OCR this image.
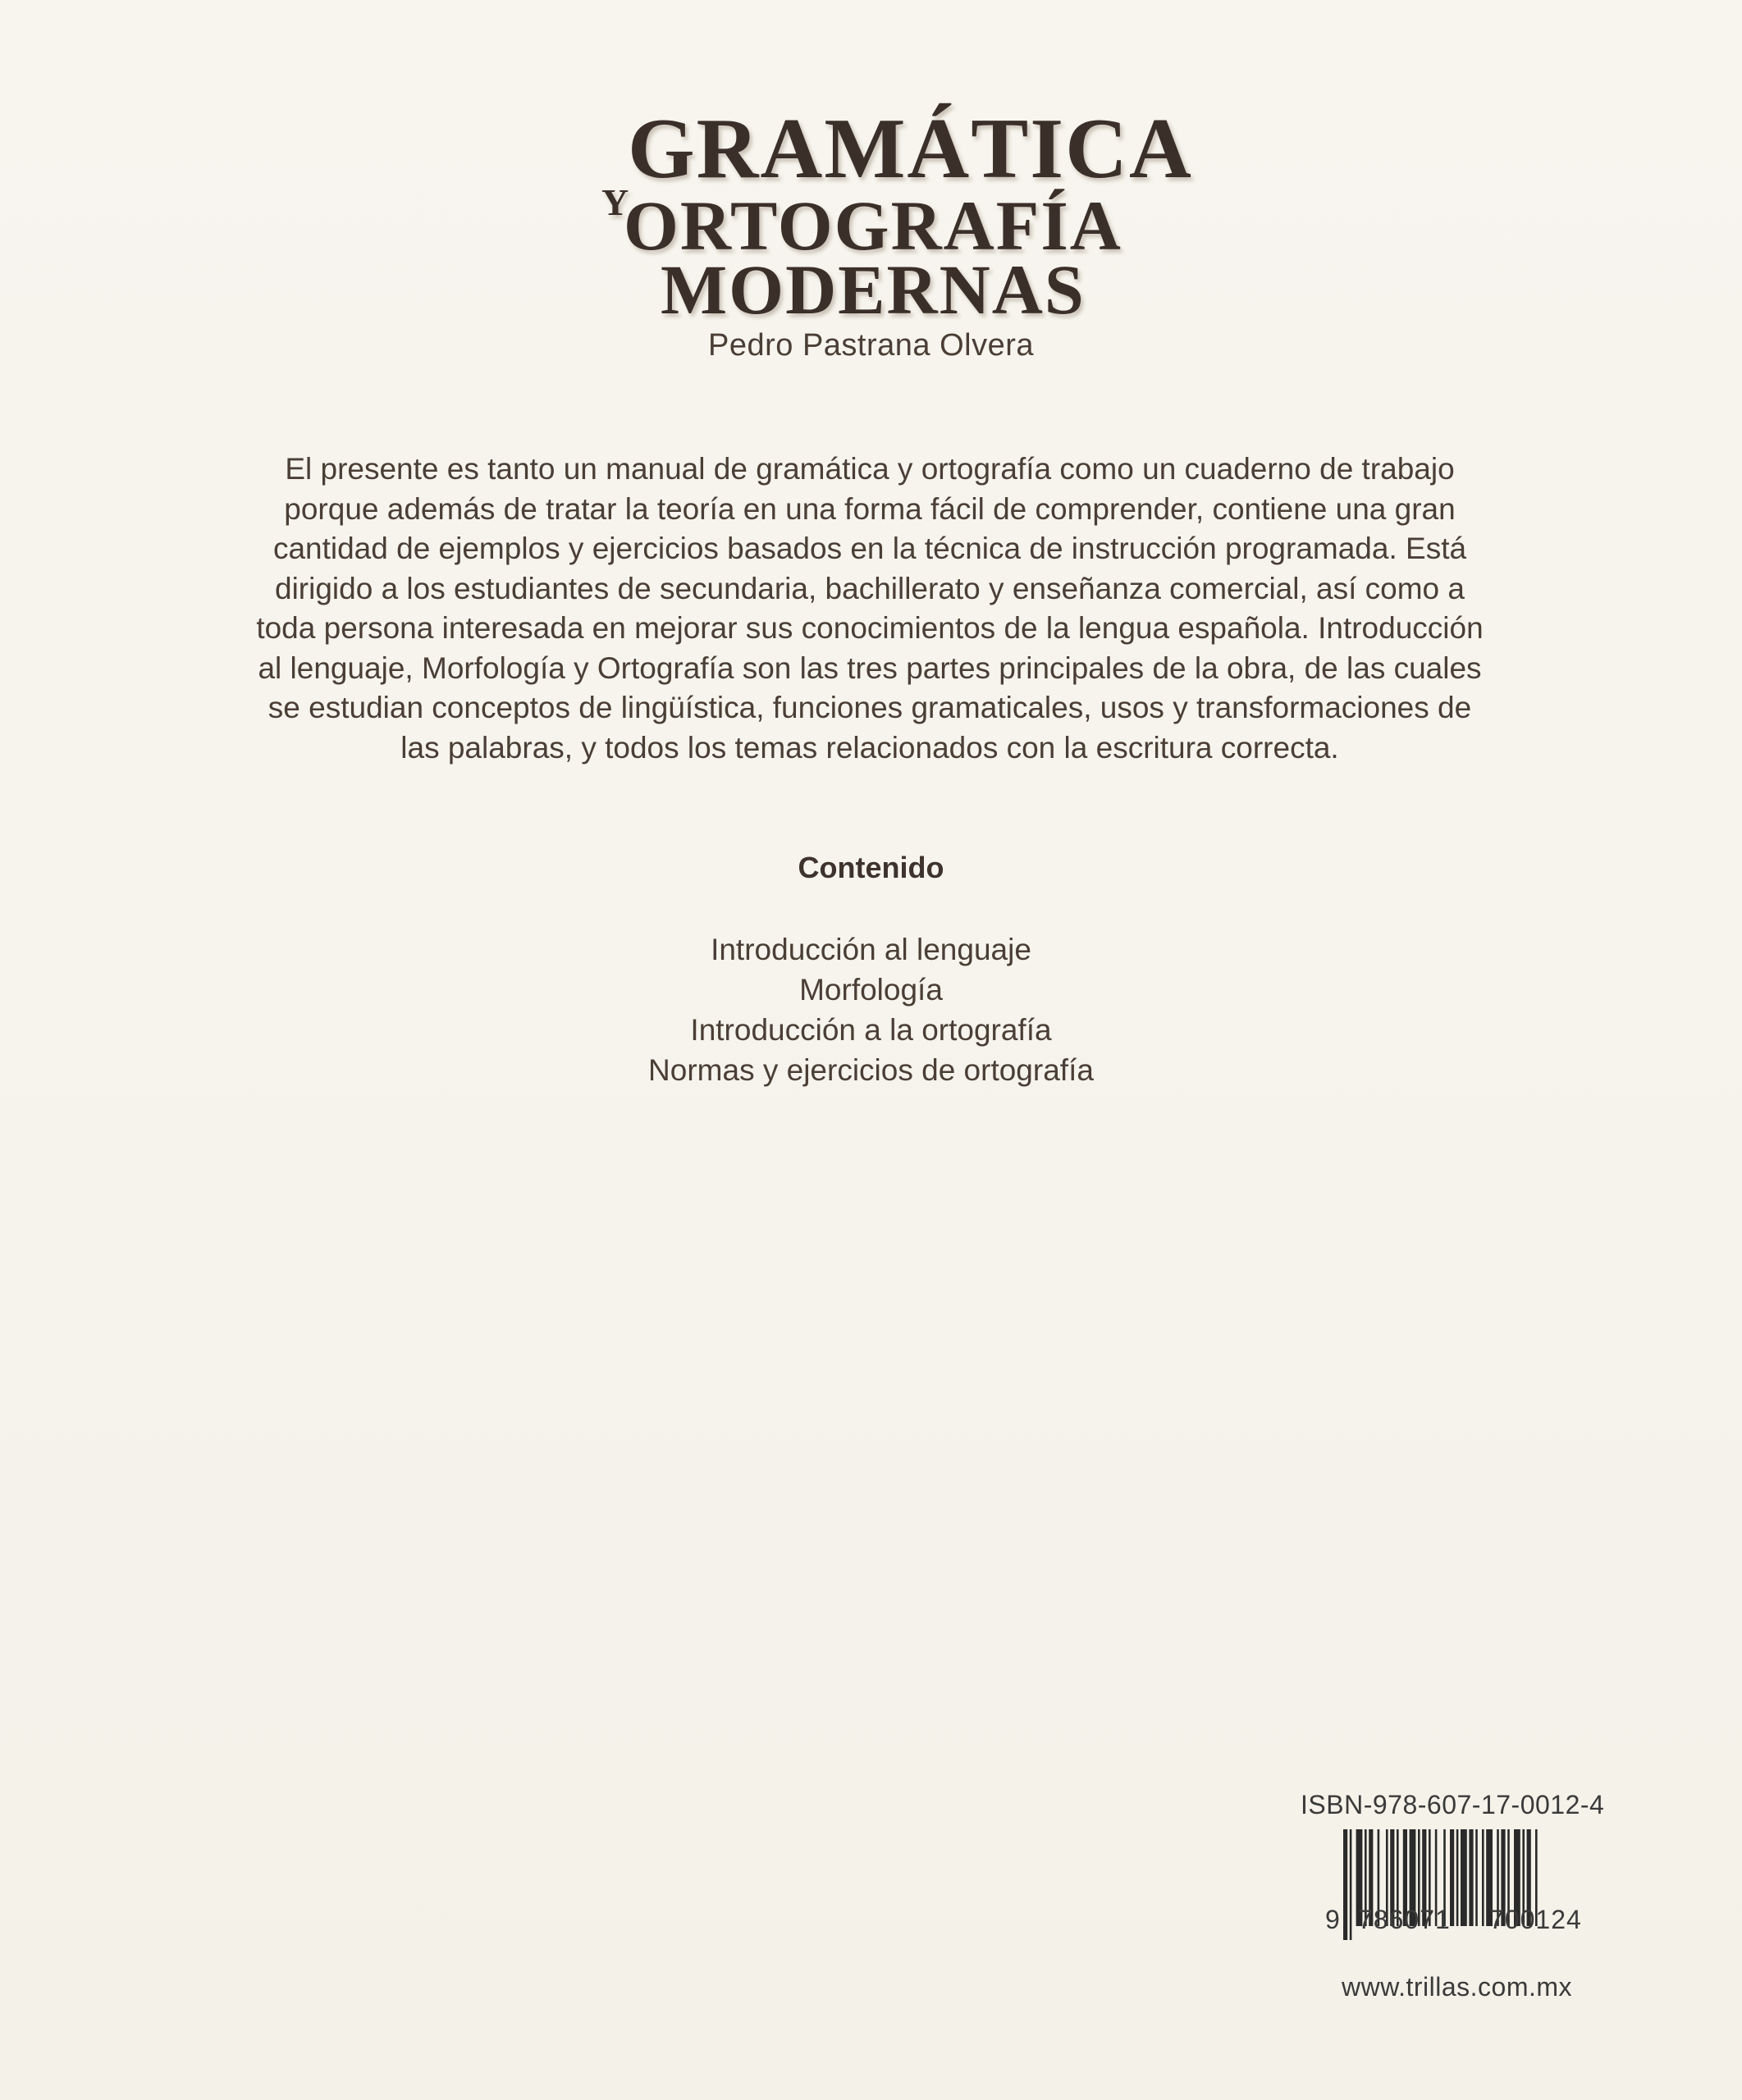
GRAMÁTICA
Y
ORTOGRAFÍA
MODERNAS
Pedro Pastrana Olvera
El presente es tanto un manual de gramática y ortografía como un cuaderno de trabajo
porque además de tratar la teoría en una forma fácil de comprender, contiene una gran
cantidad de ejemplos y ejercicios basados en la técnica de instrucción programada. Está
dirigido a los estudiantes de secundaria, bachillerato y enseñanza comercial, así como a
toda persona interesada en mejorar sus conocimientos de la lengua española. Introducción
al lenguaje, Morfología y Ortografía son las tres partes principales de la obra, de las cuales
se estudian conceptos de lingüística, funciones gramaticales, usos y transformaciones de
las palabras, y todos los temas relacionados con la escritura correcta.
Contenido
Introducción al lenguaje
Morfología
Introducción a la ortografía
Normas y ejercicios de ortografía
ISBN-978-607-17-0012-4
9 786071 700124
www.trillas.com.mx
